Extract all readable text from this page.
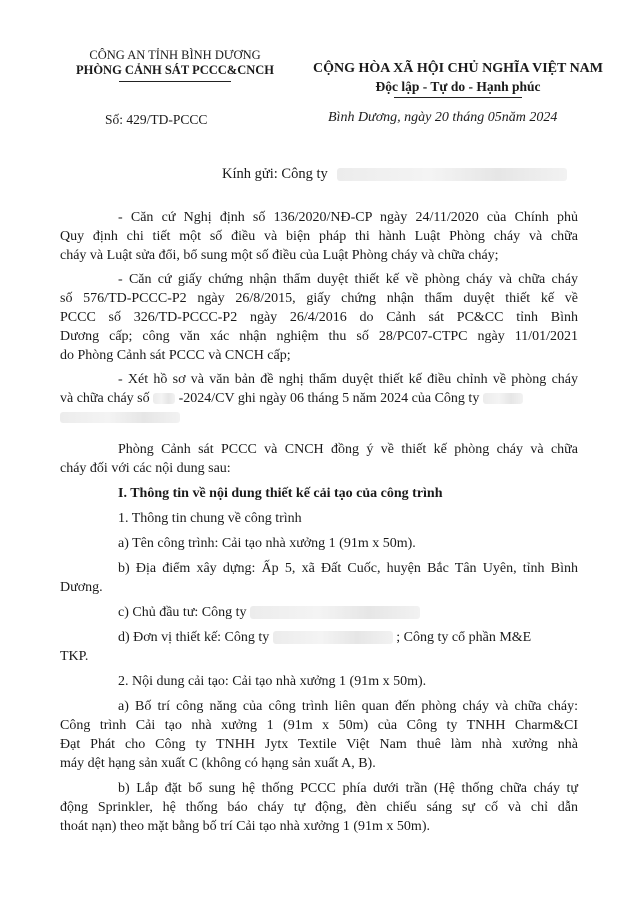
CÔNG AN TỈNH BÌNH DƯƠNG
PHÒNG CẢNH SÁT PCCC&CNCH	CỘNG HÒA XÃ HỘI CHỦ NGHĨA VIỆT NAM
Độc lập - Tự do - Hạnh phúc
Số: 429/TD-PCCC	Bình Dương, ngày 20 tháng 05năm 2024
Kính gửi: Công ty
- Căn cứ Nghị định số 136/2020/NĐ-CP ngày 24/11/2020 của Chính phủ
Quy định chi tiết một số điều và biện pháp thi hành Luật Phòng cháy và chữa
cháy và Luật sửa đổi, bổ sung một số điều của Luật Phòng cháy và chữa cháy;
- Căn cứ giấy chứng nhận thẩm duyệt thiết kế về phòng cháy và chữa cháy
số 576/TD-PCCC-P2 ngày 26/8/2015, giấy chứng nhận thẩm duyệt thiết kế về
PCCC số 326/TD-PCCC-P2 ngày 26/4/2016 do Cảnh sát PC&CC tỉnh Bình
Dương cấp; công văn xác nhận nghiệm thu số 28/PC07-CTPC ngày 11/01/2021
do Phòng Cảnh sát PCCC và CNCH cấp;
- Xét hồ sơ và văn bản đề nghị thẩm duyệt thiết kế điều chỉnh về phòng cháy
và chữa cháy số -2024/CV ghi ngày 06 tháng 5 năm 2024 của Công ty
Phòng Cảnh sát PCCC và CNCH đồng ý về thiết kế phòng cháy và chữa
cháy đối với các nội dung sau:
I. Thông tin về nội dung thiết kế cải tạo của công trình
1. Thông tin chung về công trình
a) Tên công trình: Cải tạo nhà xưởng 1 (91m x 50m).
b) Địa điểm xây dựng: Ấp 5, xã Đất Cuốc, huyện Bắc Tân Uyên, tỉnh Bình
Dương.
c) Chủ đầu tư: Công ty
d) Đơn vị thiết kế: Công ty	; Công ty cổ phần M&E
TKP.
2. Nội dung cải tạo: Cải tạo nhà xưởng 1 (91m x 50m).
a) Bố trí công năng của công trình liên quan đến phòng cháy và chữa cháy:
Công trình Cải tạo nhà xưởng 1 (91m x 50m) của Công ty TNHH Charm&CI
Đạt Phát cho Công ty TNHH Jytx Textile Việt Nam thuê làm nhà xưởng nhà
máy dệt hạng sản xuất C (không có hạng sản xuất A, B).
b) Lắp đặt bổ sung hệ thống PCCC phía dưới trần (Hệ thống chữa cháy tự
động Sprinkler, hệ thống báo cháy tự động, đèn chiếu sáng sự cố và chỉ dẫn
thoát nạn) theo mặt bằng bố trí Cải tạo nhà xưởng 1 (91m x 50m).
